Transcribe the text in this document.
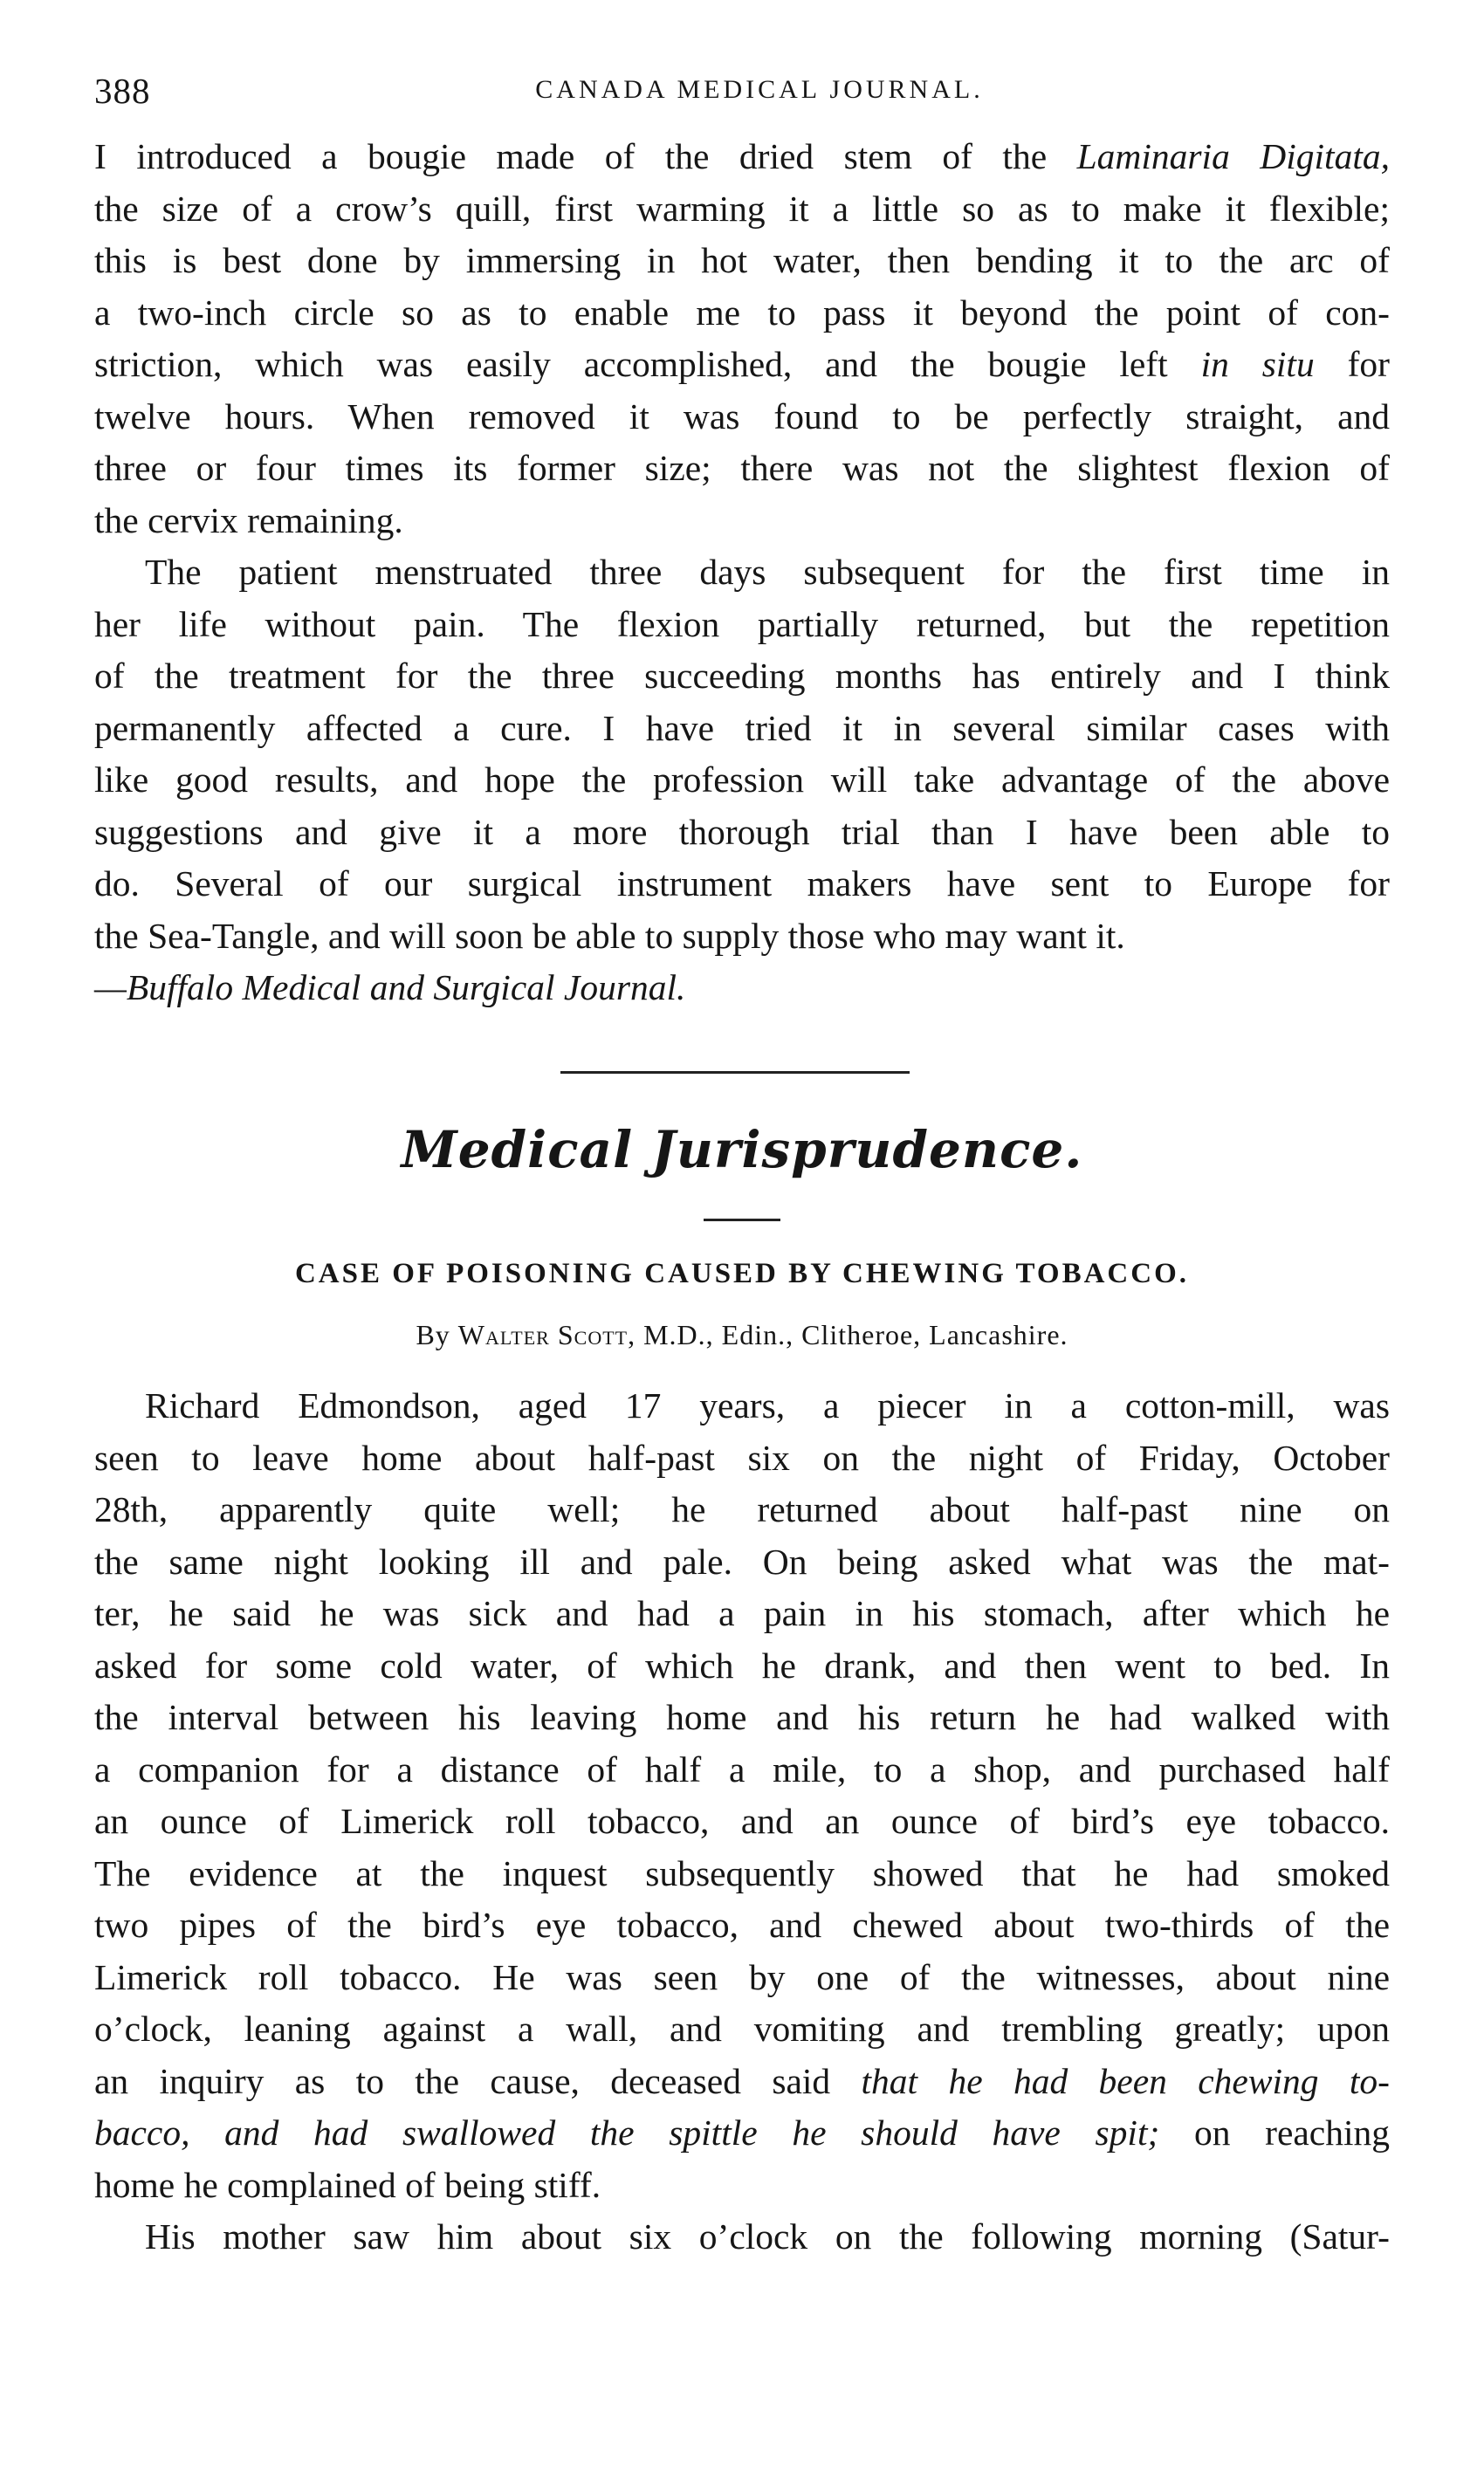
388	CANADA MEDICAL JOURNAL.
I introduced a bougie made of the dried stem of the Laminaria Digitata,
the size of a crow’s quill, first warming it a little so as to make it flexible;
this is best done by immersing in hot water, then bending it to the arc of
a two-inch circle so as to enable me to pass it beyond the point of con-
striction, which was easily accomplished, and the bougie left in situ for
twelve hours. When removed it was found to be perfectly straight, and
three or four times its former size; there was not the slightest flexion of
the cervix remaining.
The patient menstruated three days subsequent for the first time in
her life without pain. The flexion partially returned, but the repetition
of the treatment for the three succeeding months has entirely and I think
permanently affected a cure. I have tried it in several similar cases with
like good results, and hope the profession will take advantage of the above
suggestions and give it a more thorough trial than I have been able to
do. Several of our surgical instrument makers have sent to Europe for
the Sea-Tangle, and will soon be able to supply those who may want it.

—Buffalo Medical and Surgical Journal.

Medical Jurisprudence.
CASE OF POISONING CAUSED BY CHEWING TOBACCO.

By Walter Scott, M.D., Edin., Clitheroe, Lancashire.

Richard Edmondson, aged 17 years, a piecer in a cotton-mill, was
seen to leave home about half-past six on the night of Friday, October
28th, apparently quite well; he returned about half-past nine on
the same night looking ill and pale. On being asked what was the mat-
ter, he said he was sick and had a pain in his stomach, after which he
asked for some cold water, of which he drank, and then went to bed. In
the interval between his leaving home and his return he had walked with
a companion for a distance of half a mile, to a shop, and purchased half
an ounce of Limerick roll tobacco, and an ounce of bird’s eye tobacco.
The evidence at the inquest subsequently showed that he had smoked
two pipes of the bird’s eye tobacco, and chewed about two-thirds of the
Limerick roll tobacco. He was seen by one of the witnesses, about nine
o’clock, leaning against a wall, and vomiting and trembling greatly; upon
an inquiry as to the cause, deceased said that he had been chewing to-
bacco, and had swallowed the spittle he should have spit; on reaching
home he complained of being stiff.
His mother saw him about six o’clock on the following morning (Satur-
